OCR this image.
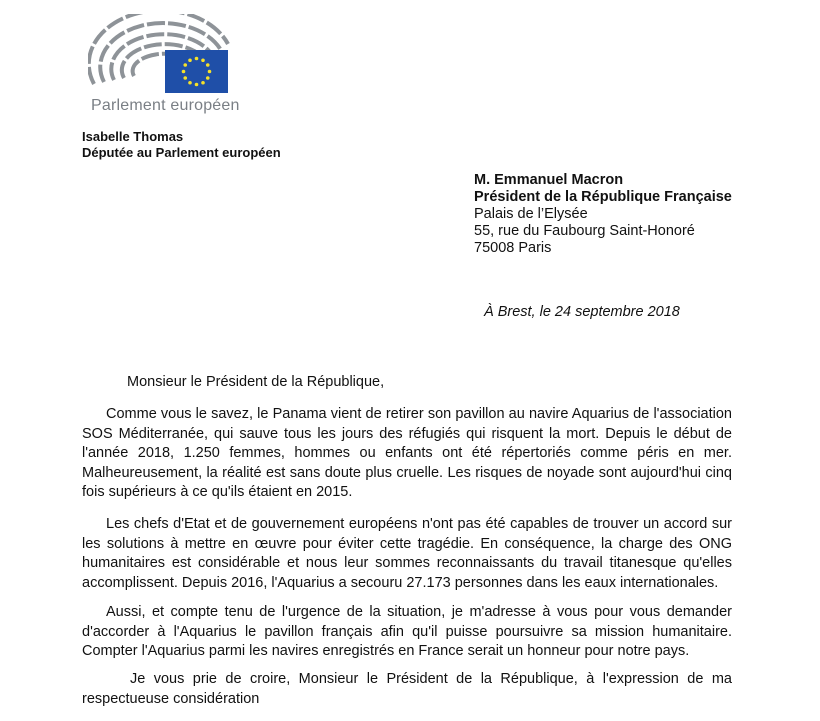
Parlement européen
Isabelle Thomas
Députée au Parlement européen
M. Emmanuel Macron
Président de la République Française
Palais de l’Elysée
55, rue du Faubourg Saint-Honoré
75008 Paris
À Brest, le 24 septembre 2018
Monsieur le Président de la République,
Comme vous le savez, le Panama vient de retirer son pavillon au navire Aquarius de l'association
SOS Méditerranée, qui sauve tous les jours des réfugiés qui risquent la mort. Depuis le début de
l'année 2018, 1.250 femmes, hommes ou enfants ont été répertoriés comme péris en mer.
Malheureusement, la réalité est sans doute plus cruelle. Les risques de noyade sont aujourd'hui cinq
fois supérieurs à ce qu'ils étaient en 2015.
Les chefs d'Etat et de gouvernement européens n'ont pas été capables de trouver un accord sur
les solutions à mettre en œuvre pour éviter cette tragédie. En conséquence, la charge des ONG
humanitaires est considérable et nous leur sommes reconnaissants du travail titanesque qu'elles
accomplissent. Depuis 2016, l'Aquarius a secouru 27.173 personnes dans les eaux internationales.
Aussi, et compte tenu de l'urgence de la situation, je m'adresse à vous pour vous demander
d'accorder à l'Aquarius le pavillon français afin qu'il puisse poursuivre sa mission humanitaire.
Compter l'Aquarius parmi les navires enregistrés en France serait un honneur pour notre pays.
Je vous prie de croire, Monsieur le Président de la République, à l'expression de ma
respectueuse considération
